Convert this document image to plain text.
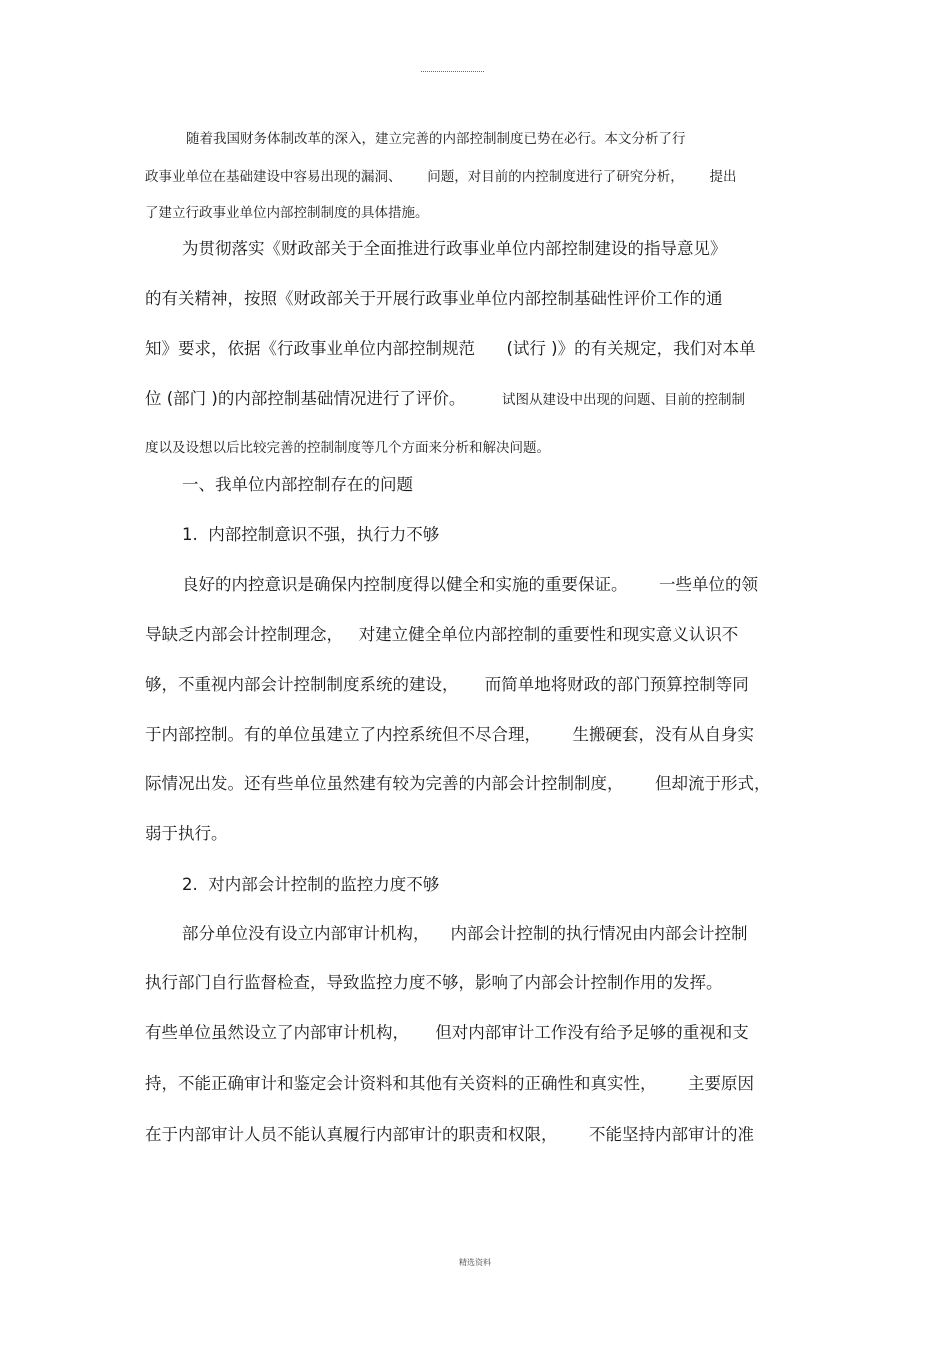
随着我国财务体制改革的深入，建立完善的内部控制制度已势在必行。本文分析了行
政事业单位在基础建设中容易出现的漏洞、      问题，对目前的内控制度进行了研究分析，      提出
了建立行政事业单位内部控制制度的具体措施。
为贯彻落实《财政部关于全面推进行政事业单位内部控制建设的指导意见》
的有关精神，按照《财政部关于开展行政事业单位内部控制基础性评价工作的通
知》要求，依据《行政事业单位内部控制规范      (试行 )》的有关规定，我们对本单
位 (部门 )的内部控制基础情况进行了评价。	试图从建设中出现的问题、目前的控制制
度以及设想以后比较完善的控制制度等几个方面来分析和解决问题。
一、我单位内部控制存在的问题
1.  内部控制意识不强，执行力不够
良好的内控意识是确保内控制度得以健全和实施的重要保证。      一些单位的领
导缺乏内部会计控制理念，   对建立健全单位内部控制的重要性和现实意义认识不
够，不重视内部会计控制制度系统的建设，     而简单地将财政的部门预算控制等同
于内部控制。有的单位虽建立了内控系统但不尽合理，      生搬硬套，没有从自身实
际情况出发。还有些单位虽然建有较为完善的内部会计控制制度，      但却流于形式，
弱于执行。
2.  对内部会计控制的监控力度不够
部分单位没有设立内部审计机构，    内部会计控制的执行情况由内部会计控制
执行部门自行监督检查，导致监控力度不够，影响了内部会计控制作用的发挥。
有些单位虽然设立了内部审计机构，     但对内部审计工作没有给予足够的重视和支
持，不能正确审计和鉴定会计资料和其他有关资料的正确性和真实性，      主要原因
在于内部审计人员不能认真履行内部审计的职责和权限，      不能坚持内部审计的准
精选资料
